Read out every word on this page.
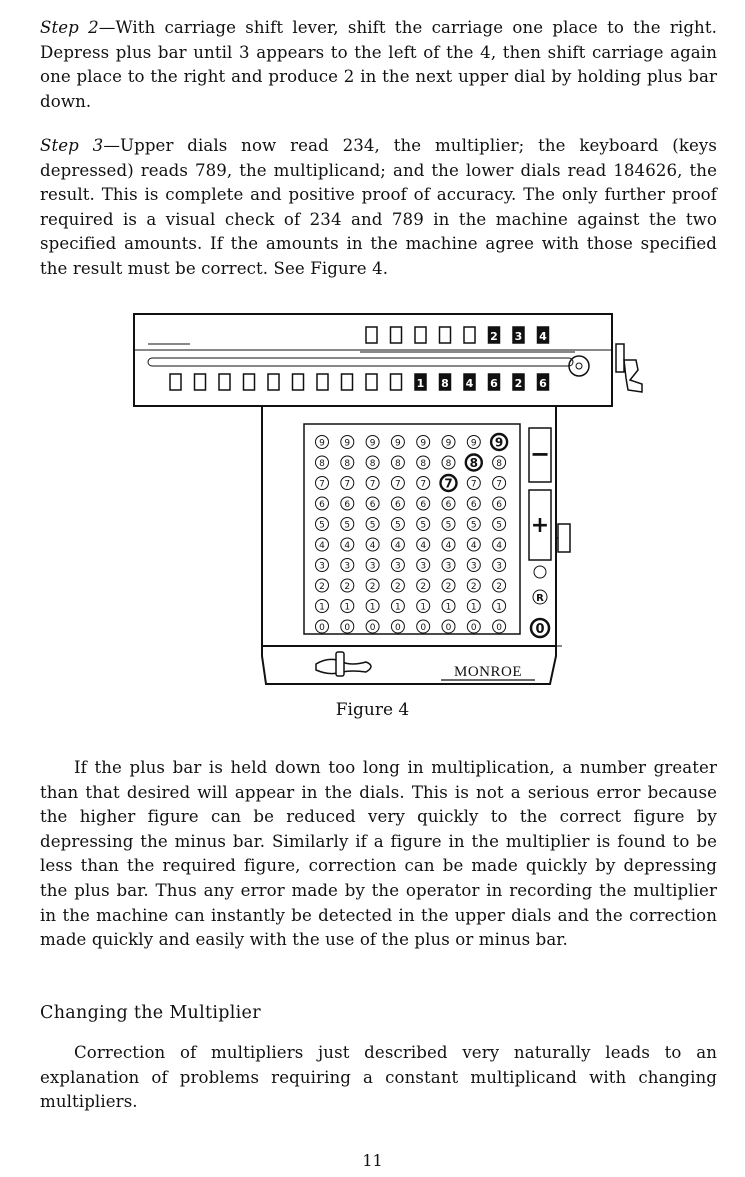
Step 2—With carriage shift lever, shift the carriage one place to the right. Depress plus bar until 3 appears to the left of the 4, then shift carriage again one place to the right and produce 2 in the next upper dial by holding plus bar down.

Step 3—Upper dials now read 234, the multiplier; the keyboard (keys depressed) reads 789, the multiplicand; and the lower dials read 184626, the result. This is complete and positive proof of accuracy. The only further proof required is a visual check of 234 and 789 in the machine against the two specified amounts. If the amounts in the machine agree with those specified the result must be correct. See Figure 4.

2 3 4
1 8 4 6 2 6
9
8
7
6
5
4
3
2
1
0
9
8
7
6
5
4
3
2
1
0
9
8
7
6
5
4
3
2
1
0
9
8
7
6
5
4
3
2
1
0
9
8
7
6
5
4
3
2
1
0
9
8
7
6
5
4
3
2
1
0
9
8
7
6
5
4
3
2
1
0
9
8
7
6
5
4
3
2
1
0
−
+
R
0
MONROE
Figure 4

If the plus bar is held down too long in multiplication, a number greater than that desired will appear in the dials. This is not a serious error because the higher figure can be reduced very quickly to the correct figure by depressing the minus bar. Similarly if a figure in the multiplier is found to be less than the required figure, correction can be made quickly by depressing the plus bar. Thus any error made by the operator in recording the multiplier in the machine can instantly be detected in the upper dials and the correction made quickly and easily with the use of the plus or minus bar.

Changing the Multiplier

Correction of multipliers just described very naturally leads to an explanation of problems requiring a constant multiplicand with changing multipliers.

11
